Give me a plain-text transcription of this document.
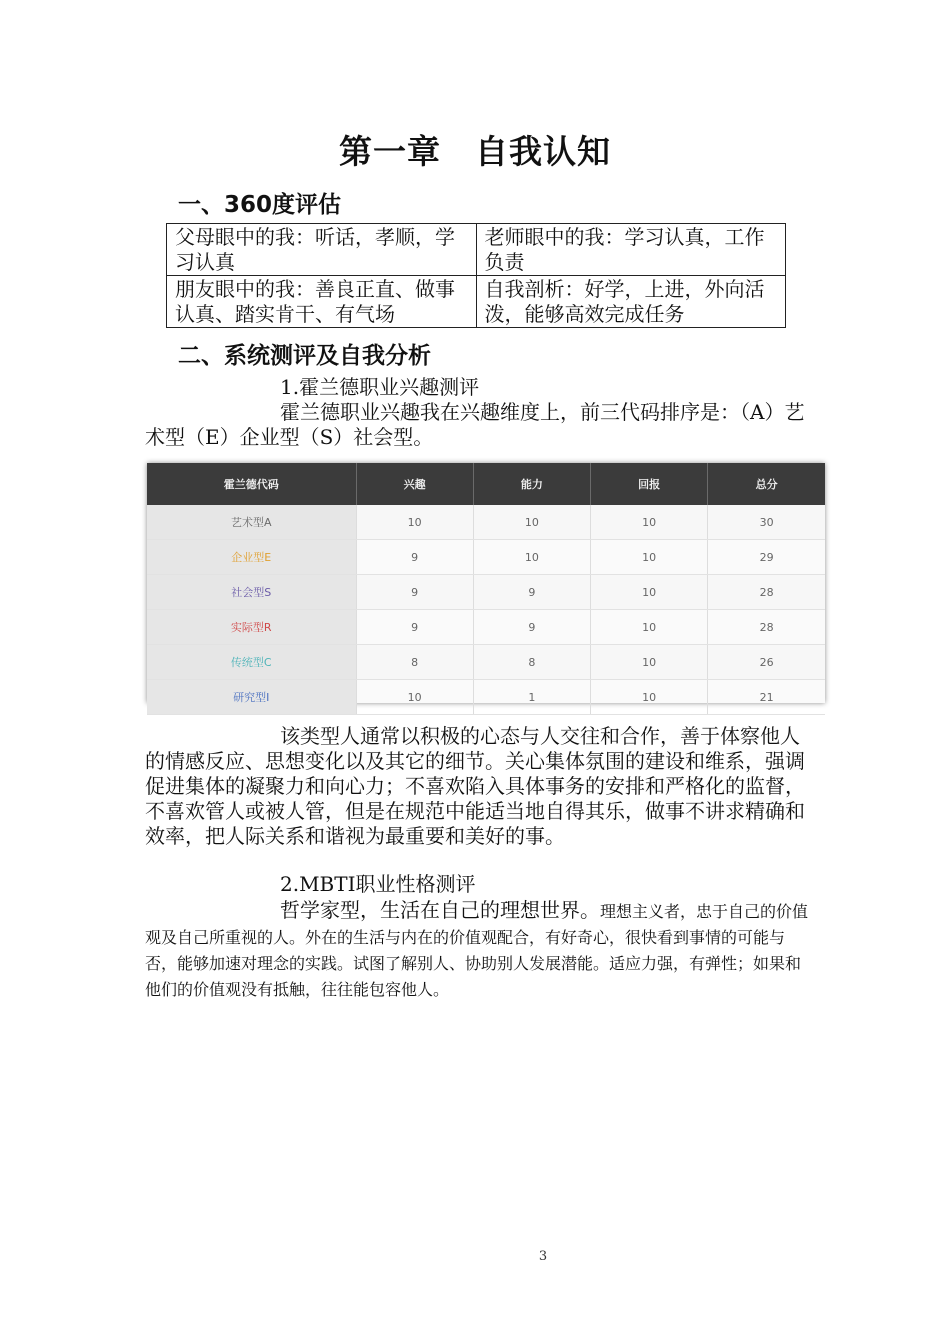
第一章　自我认知
一、360度评估
父母眼中的我：听话，孝顺，学习认真	老师眼中的我：学习认真，工作负责
朋友眼中的我：善良正直、做事认真、踏实肯干、有气场	自我剖析：好学，上进，外向活泼，能够高效完成任务
二、系统测评及自我分析

1.霍兰德职业兴趣测评

霍兰德职业兴趣我在兴趣维度上，前三代码排序是：（A）艺术型（E）企业型（S）社会型。

霍兰德代码	兴趣	能力	回报	总分
艺术型A	10	10	10	30
企业型E	9	10	10	29
社会型S	9	9	10	28
实际型R	9	9	10	28
传统型C	8	8	10	26
研究型I	10	1	10	21

该类型人通常以积极的心态与人交往和合作，善于体察他人的情感反应、思想变化以及其它的细节。关心集体氛围的建设和维系，强调促进集体的凝聚力和向心力；不喜欢陷入具体事务的安排和严格化的监督，不喜欢管人或被人管，但是在规范中能适当地自得其乐，做事不讲求精确和效率，把人际关系和谐视为最重要和美好的事。

2.MBTI职业性格测评

哲学家型，生活在自己的理想世界。理想主义者，忠于自己的价值观及自己所重视的人。外在的生活与内在的价值观配合，有好奇心，很快看到事情的可能与否，能够加速对理念的实践。试图了解别人、协助别人发展潜能。适应力强，有弹性；如果和他们的价值观没有抵触，往往能包容他人。

3
